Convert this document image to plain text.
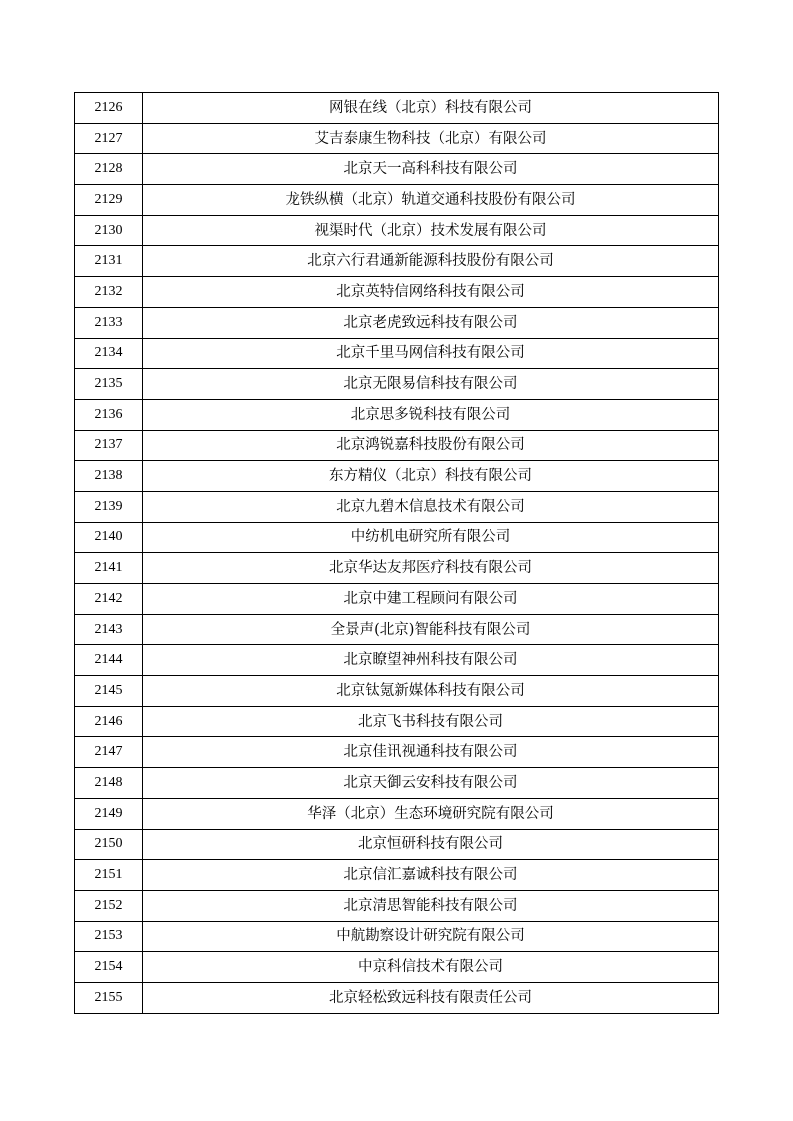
2126	网银在线（北京）科技有限公司
2127	艾吉泰康生物科技（北京）有限公司
2128	北京天一高科科技有限公司
2129	龙铁纵横（北京）轨道交通科技股份有限公司
2130	视渠时代（北京）技术发展有限公司
2131	北京六行君通新能源科技股份有限公司
2132	北京英特信网络科技有限公司
2133	北京老虎致远科技有限公司
2134	北京千里马网信科技有限公司
2135	北京无限易信科技有限公司
2136	北京思多锐科技有限公司
2137	北京鸿锐嘉科技股份有限公司
2138	东方精仪（北京）科技有限公司
2139	北京九碧木信息技术有限公司
2140	中纺机电研究所有限公司
2141	北京华达友邦医疗科技有限公司
2142	北京中建工程顾问有限公司
2143	全景声(北京)智能科技有限公司
2144	北京瞭望神州科技有限公司
2145	北京钛氪新媒体科技有限公司
2146	北京飞书科技有限公司
2147	北京佳讯视通科技有限公司
2148	北京天御云安科技有限公司
2149	华泽（北京）生态环境研究院有限公司
2150	北京恒研科技有限公司
2151	北京信汇嘉诚科技有限公司
2152	北京清思智能科技有限公司
2153	中航勘察设计研究院有限公司
2154	中京科信技术有限公司
2155	北京轻松致远科技有限责任公司
